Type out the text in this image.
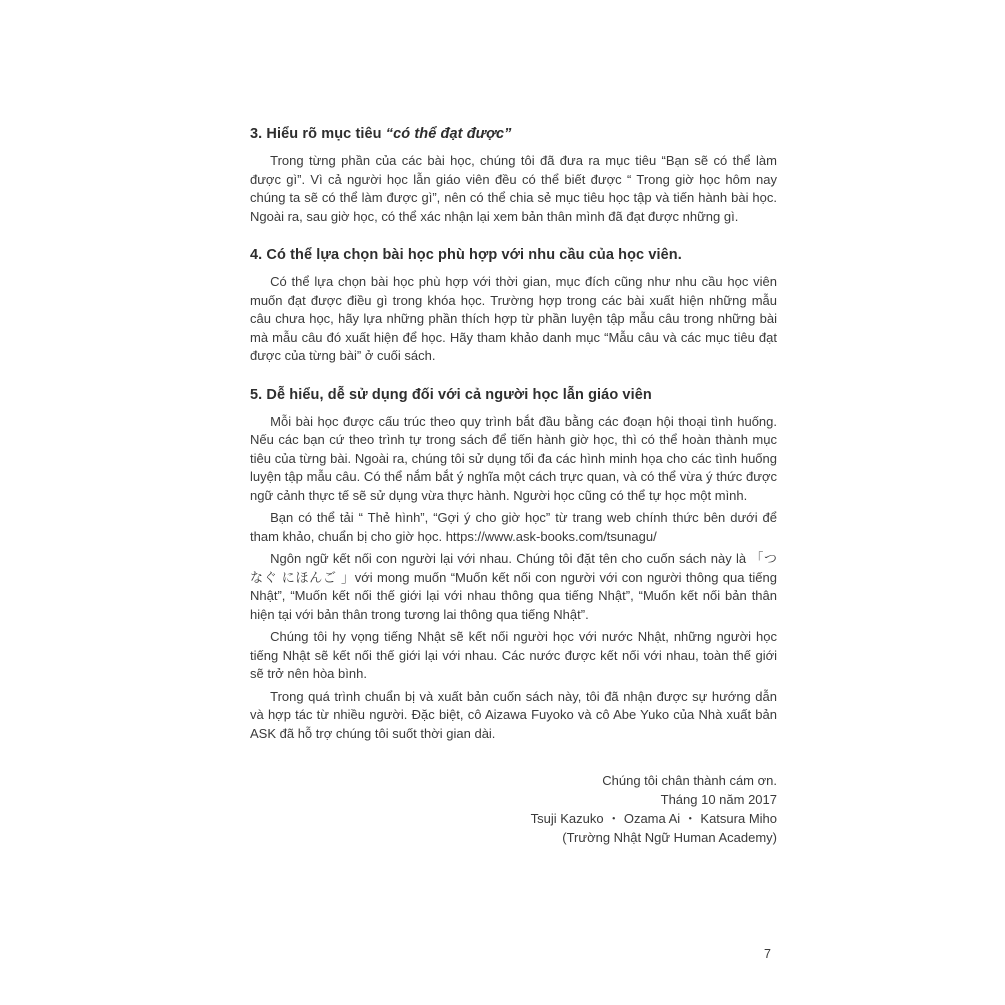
3. Hiểu rõ mục tiêu “có thể đạt được”

Trong từng phần của các bài học, chúng tôi đã đưa ra mục tiêu “Bạn sẽ có thể làm được gì”. Vì cả người học lẫn giáo viên đều có thể biết được “ Trong giờ học hôm nay chúng ta sẽ có thể làm được gì”, nên có thể chia sẻ mục tiêu học tập và tiến hành bài học. Ngoài ra, sau giờ học, có thể xác nhận lại xem bản thân mình đã đạt được những gì.

4. Có thể lựa chọn bài học phù hợp với nhu cầu của học viên.

Có thể lựa chọn bài học phù hợp với thời gian, mục đích cũng như nhu cầu học viên muốn đạt được điều gì trong khóa học. Trường hợp trong các bài xuất hiện những mẫu câu chưa học, hãy lựa những phần thích hợp từ phần luyện tập mẫu câu trong những bài mà mẫu câu đó xuất hiện để học. Hãy tham khảo danh mục “Mẫu câu và các mục tiêu đạt được của từng bài” ở cuối sách.

5. Dễ hiểu, dễ sử dụng đối với cả người học lẫn giáo viên

Mỗi bài học được cấu trúc theo quy trình bắt đầu bằng các đoạn hội thoại tình huống. Nếu các bạn cứ theo trình tự trong sách để tiến hành giờ học, thì có thể hoàn thành mục tiêu của từng bài. Ngoài ra, chúng tôi sử dụng tối đa các hình minh họa cho các tình huống luyện tập mẫu câu. Có thể nắm bắt ý nghĩa một cách trực quan, và có thể vừa ý thức được ngữ cảnh thực tế sẽ sử dụng vừa thực hành. Người học cũng có thể tự học một mình.

Bạn có thể tải “ Thẻ hình”, “Gợi ý cho giờ học” từ trang web chính thức bên dưới để tham khảo, chuẩn bị cho giờ học. https://www.ask-books.com/tsunagu/

Ngôn ngữ kết nối con người lại với nhau. Chúng tôi đặt tên cho cuốn sách này là 「つなぐ にほんご 」với mong muốn “Muốn kết nối con người với con người thông qua tiếng Nhật”, “Muốn kết nối thế giới lại với nhau thông qua tiếng Nhật”, “Muốn kết nối bản thân hiện tại với bản thân trong tương lai thông qua tiếng Nhật”.

Chúng tôi hy vọng tiếng Nhật sẽ kết nối người học với nước Nhật, những người học tiếng Nhật sẽ kết nối thế giới lại với nhau. Các nước được kết nối với nhau, toàn thế giới sẽ trở nên hòa bình.

Trong quá trình chuẩn bị và xuất bản cuốn sách này, tôi đã nhận được sự hướng dẫn và hợp tác từ nhiều người. Đặc biệt, cô Aizawa Fuyoko và cô Abe Yuko của Nhà xuất bản ASK đã hỗ trợ chúng tôi suốt thời gian dài.

Chúng tôi chân thành cám ơn.

Tháng 10 năm 2017

Tsuji Kazuko ・ Ozama Ai ・ Katsura Miho

(Trường Nhật Ngữ Human Academy)

7
